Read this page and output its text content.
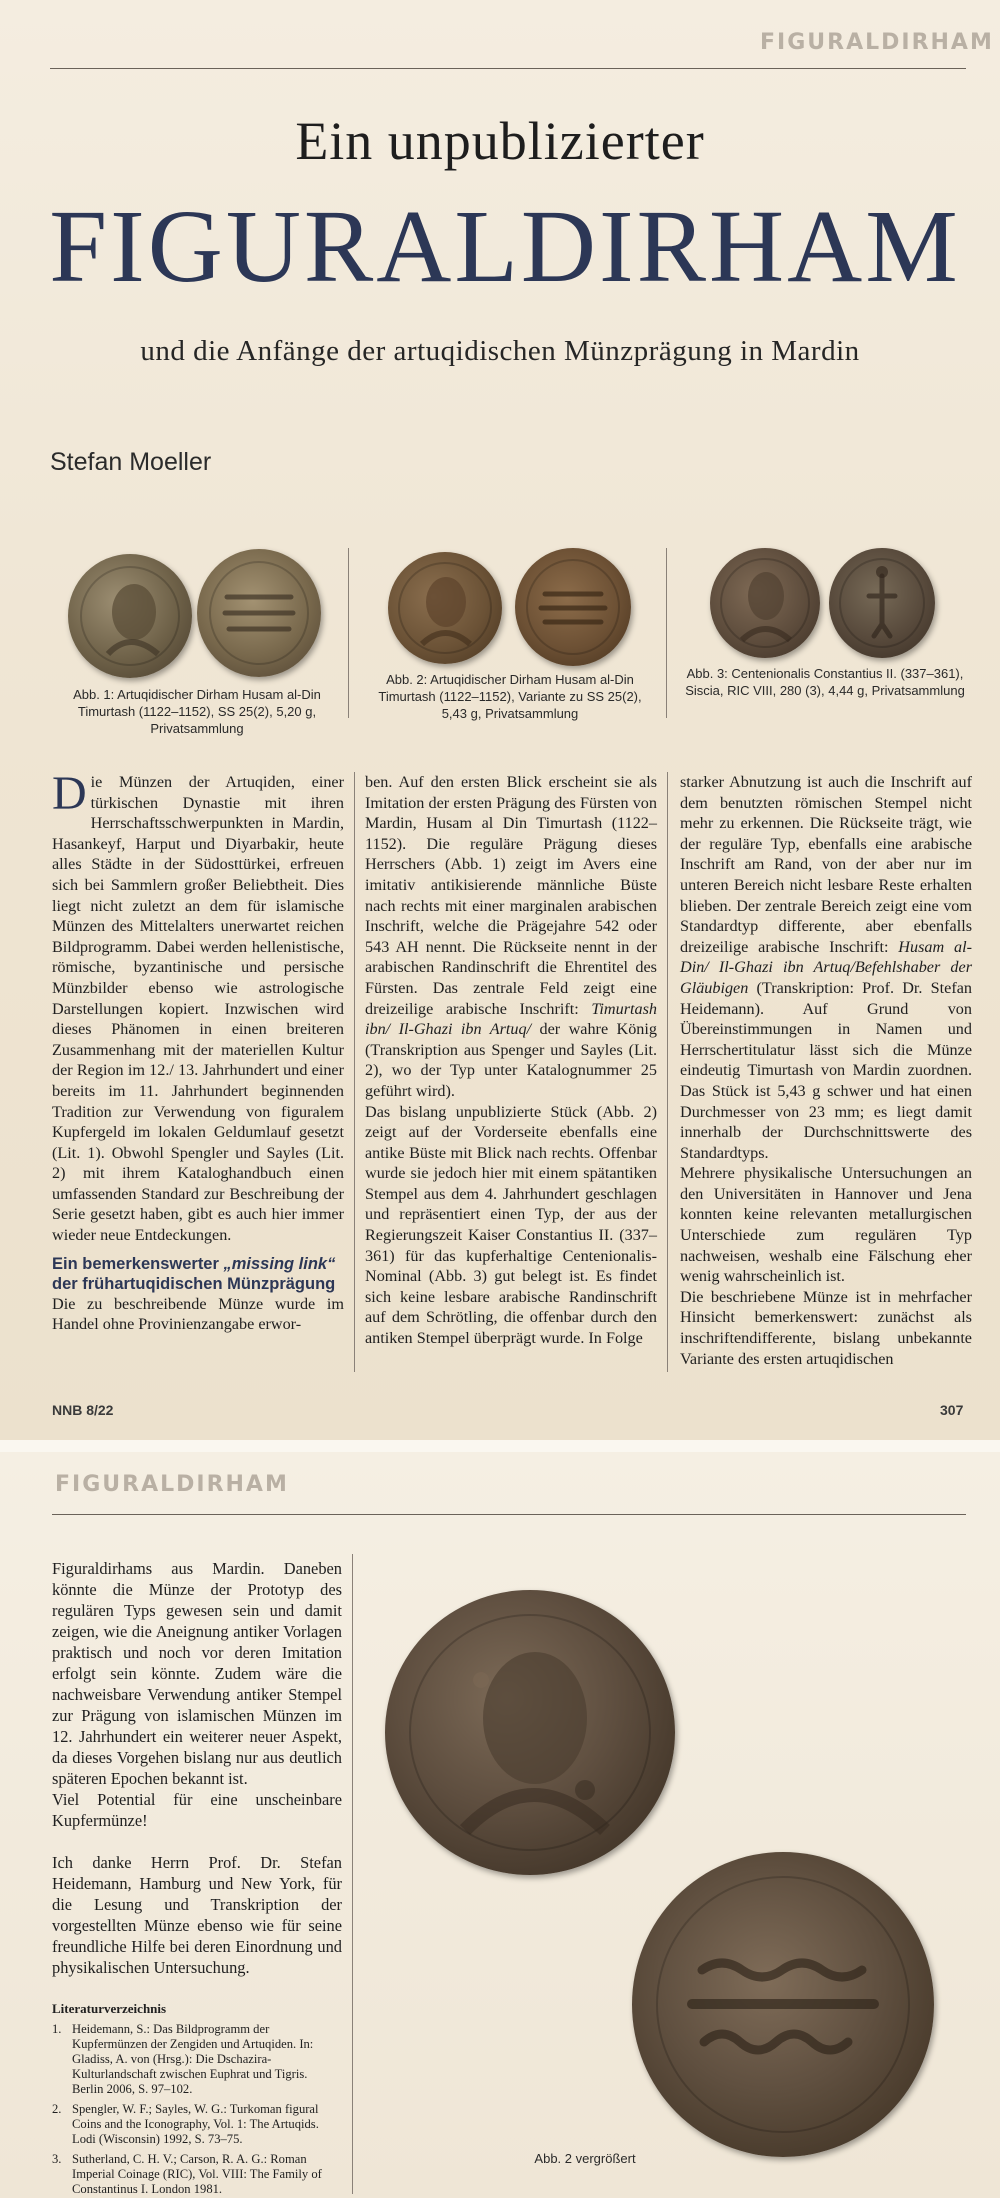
FIGURALDIRHAM
Ein unpublizierter
FIGURALDIRHAM
und die Anfänge der artuqidischen Münzprägung in Mardin
Stefan Moeller
Abb. 1: Artuqidischer Dirham Husam al-Din Timurtash (1122–1152), SS 25(2), 5,20 g, Privatsammlung
Abb. 2: Artuqidischer Dirham Husam al-Din Timurtash (1122–1152), Variante zu SS 25(2), 5,43 g, Privatsammlung
Abb. 3: Centenionalis Constantius II. (337–361), Siscia, RIC VIII, 280 (3), 4,44 g, Privatsammlung

Die Münzen der Artuqiden, einer türkischen Dynastie mit ihren Herrschaftsschwerpunkten in Mardin, Hasankeyf, Harput und Diyarbakir, heute alles Städte in der Südosttürkei, erfreuen sich bei Sammlern großer Beliebtheit. Dies liegt nicht zuletzt an dem für islamische Münzen des Mittelalters unerwartet reichen Bildprogramm. Dabei werden hellenistische, römische, byzantinische und persische Münzbilder ebenso wie astrologische Darstellungen kopiert. Inzwischen wird dieses Phänomen in einen breiteren Zusammenhang mit der materiellen Kultur der Region im 12./ 13. Jahrhundert und einer bereits im 11. Jahrhundert beginnenden Tradition zur Verwendung von figuralem Kupfergeld im lokalen Geldumlauf gesetzt (Lit. 1). Obwohl Spengler und Sayles (Lit. 2) mit ihrem Kataloghandbuch einen umfassenden Standard zur Beschreibung der Serie gesetzt haben, gibt es auch hier immer wieder neue Entdeckungen.

Ein bemerkenswerter „missing link“ der frühartuqidischen Münzprägung

Die zu beschreibende Münze wurde im Handel ohne Provinienzangabe erwor-

ben. Auf den ersten Blick erscheint sie als Imitation der ersten Prägung des Fürsten von Mardin, Husam al Din Timurtash (1122–1152). Die reguläre Prägung dieses Herrschers (Abb. 1) zeigt im Avers eine imitativ antikisierende männliche Büste nach rechts mit einer marginalen arabischen Inschrift, welche die Prägejahre 542 oder 543 AH nennt. Die Rückseite nennt in der arabischen Randinschrift die Ehrentitel des Fürsten. Das zentrale Feld zeigt eine dreizeilige arabische Inschrift: Timurtash ibn/ Il-Ghazi ibn Artuq/ der wahre König (Transkription aus Spenger und Sayles (Lit. 2), wo der Typ unter Katalognummer 25 geführt wird).

Das bislang unpublizierte Stück (Abb. 2) zeigt auf der Vorderseite ebenfalls eine antike Büste mit Blick nach rechts. Offenbar wurde sie jedoch hier mit einem spätantiken Stempel aus dem 4. Jahrhundert geschlagen und repräsentiert einen Typ, der aus der Regierungszeit Kaiser Constantius II. (337–361) für das kupferhaltige Centenionalis-Nominal (Abb. 3) gut belegt ist. Es findet sich keine lesbare arabische Randinschrift auf dem Schrötling, die offenbar durch den antiken Stempel überprägt wurde. In Folge

starker Abnutzung ist auch die Inschrift auf dem benutzten römischen Stempel nicht mehr zu erkennen. Die Rückseite trägt, wie der reguläre Typ, ebenfalls eine arabische Inschrift am Rand, von der aber nur im unteren Bereich nicht lesbare Reste erhalten blieben. Der zentrale Bereich zeigt eine vom Standardtyp differente, aber ebenfalls dreizeilige arabische Inschrift: Husam al-Din/ Il-Ghazi ibn Artuq/Befehlshaber der Gläubigen (Transkription: Prof. Dr. Stefan Heidemann). Auf Grund von Übereinstimmungen in Namen und Herrschertitulatur lässt sich die Münze eindeutig Timurtash von Mardin zuordnen. Das Stück ist 5,43 g schwer und hat einen Durchmesser von 23 mm; es liegt damit innerhalb der Durchschnittswerte des Standardtyps.

Mehrere physikalische Untersuchungen an den Universitäten in Hannover und Jena konnten keine relevanten metallurgischen Unterschiede zum regulären Typ nachweisen, weshalb eine Fälschung eher wenig wahrscheinlich ist.

Die beschriebene Münze ist in mehrfacher Hinsicht bemerkenswert: zunächst als inschriftendifferente, bislang unbekannte Variante des ersten artuqidischen

NNB 8/22	307
FIGURALDIRHAM

Figuraldirhams aus Mardin. Daneben könnte die Münze der Prototyp des regulären Typs gewesen sein und damit zeigen, wie die Aneignung antiker Vorlagen praktisch und noch vor deren Imitation erfolgt sein könnte. Zudem wäre die nachweisbare Verwendung antiker Stempel zur Prägung von islamischen Münzen im 12. Jahrhundert ein weiterer neuer Aspekt, da dieses Vorgehen bislang nur aus deutlich späteren Epochen bekannt ist.

Viel Potential für eine unscheinbare Kupfermünze!

Ich danke Herrn Prof. Dr. Stefan Heidemann, Hamburg und New York, für die Lesung und Transkription der vorgestellten Münze ebenso wie für seine freundliche Hilfe bei deren Einordnung und physikalischen Untersuchung.

Literaturverzeichnis
1. Heidemann, S.: Das Bildprogramm der Kupfermünzen der Zengiden und Artuqiden. In: Gladiss, A. von (Hrsg.): Die Dschazira-Kulturlandschaft zwischen Euphrat und Tigris. Berlin 2006, S. 97–102.
2. Spengler, W. F.; Sayles, W. G.: Turkoman figural Coins and the Iconography, Vol. 1: The Artuqids. Lodi (Wisconsin) 1992, S. 73–75.
3. Sutherland, C. H. V.; Carson, R. A. G.: Roman Imperial Coinage (RIC), Vol. VIII: The Family of Constantinus I. London 1981.
Abb. 2 vergrößert
